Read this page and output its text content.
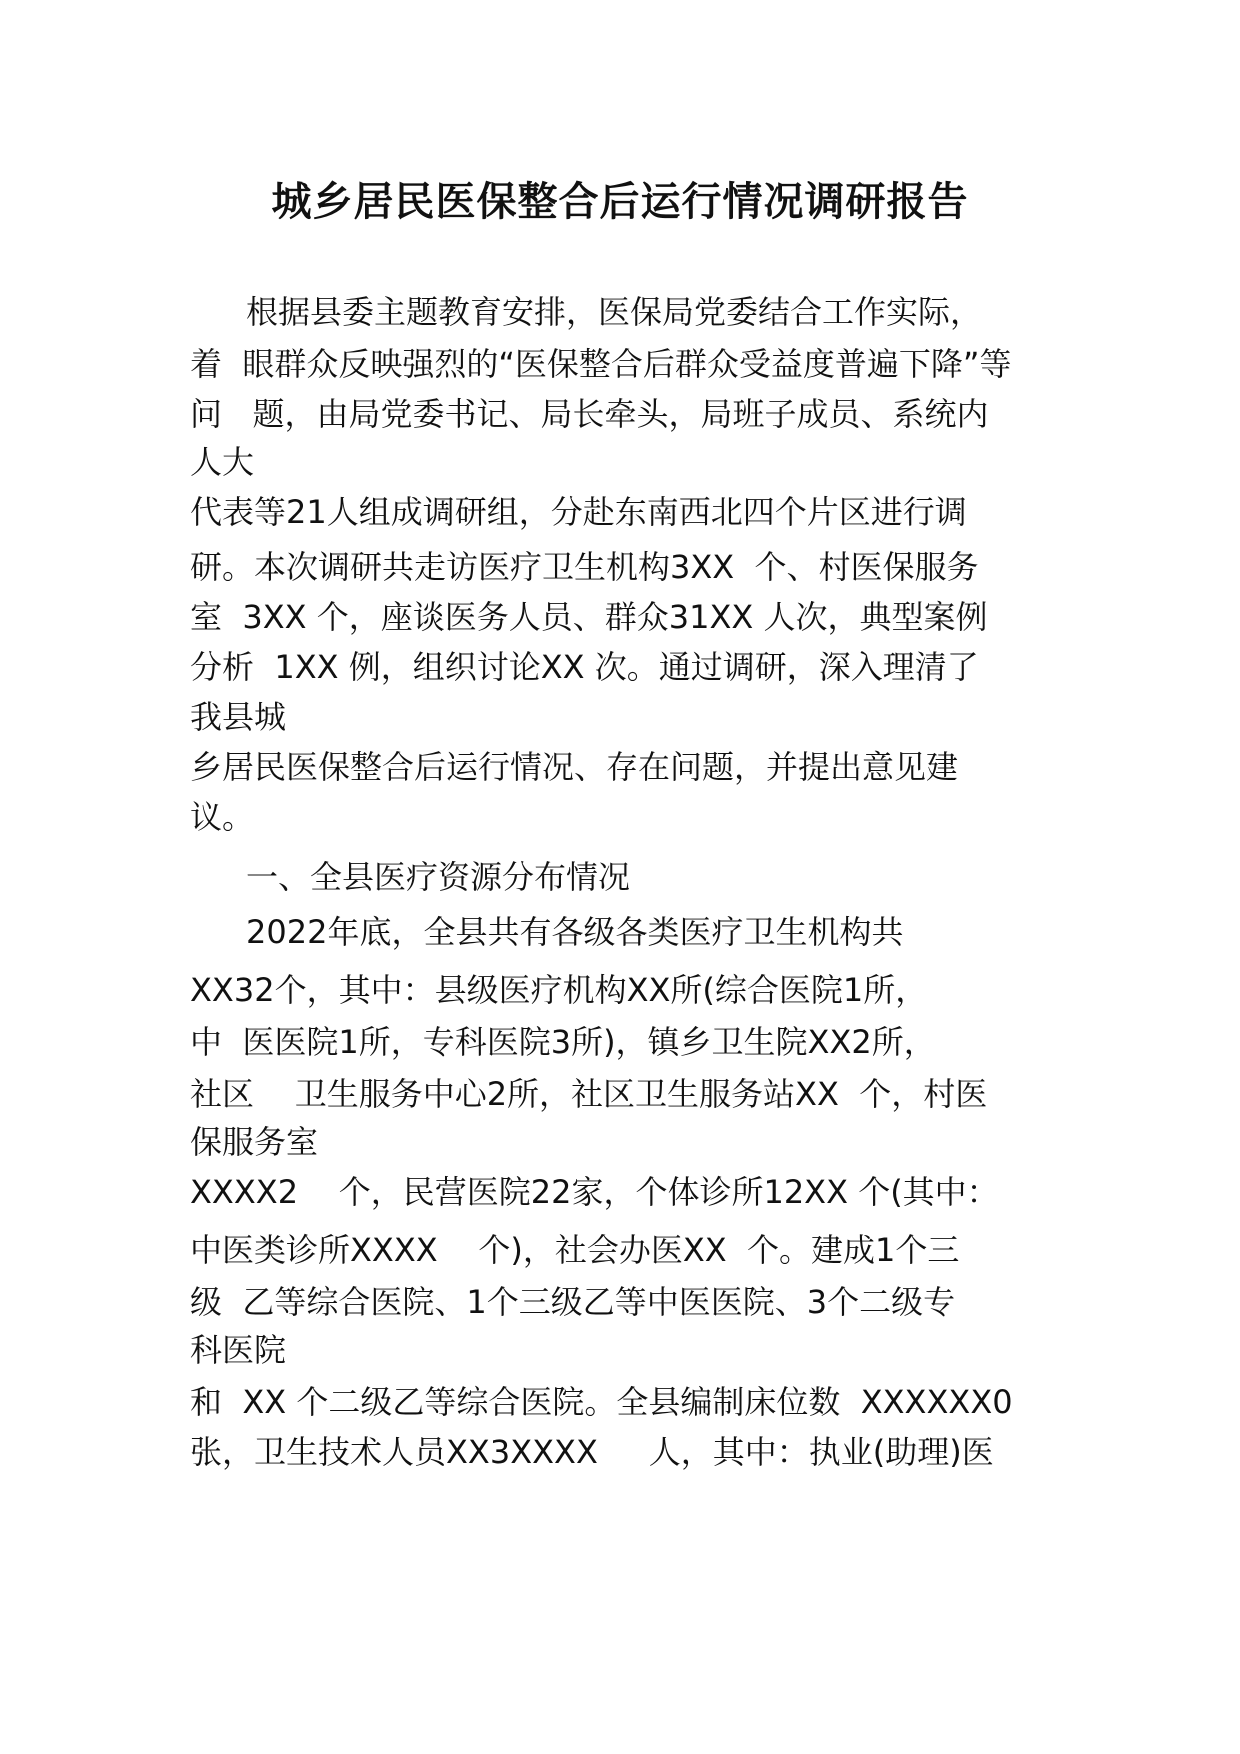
城乡居民医保整合后运行情况调研报告
根据县委主题教育安排，医保局党委结合工作实际，
着  眼群众反映强烈的“医保整合后群众受益度普遍下降”等
问   题，由局党委书记、局长牵头，局班子成员、系统内
人大
代表等21人组成调研组，分赴东南西北四个片区进行调
研。本次调研共走访医疗卫生机构3XX  个、村医保服务
室  3XX 个，座谈医务人员、群众31XX 人次，典型案例
分析  1XX 例，组织讨论XX 次。通过调研，深入理清了
我县城
乡居民医保整合后运行情况、存在问题，并提出意见建
议。
一、全县医疗资源分布情况
2022年底，全县共有各级各类医疗卫生机构共
XX32个，其中：县级医疗机构XX所(综合医院1所，
中  医医院1所，专科医院3所)，镇乡卫生院XX2所，
社区    卫生服务中心2所，社区卫生服务站XX  个，村医
保服务室
XXXX2    个，民营医院22家，个体诊所12XX 个(其中：
中医类诊所XXXX    个)，社会办医XX  个。建成1个三
级  乙等综合医院、1个三级乙等中医医院、3个二级专
科医院
和  XX 个二级乙等综合医院。全县编制床位数  XXXXXX0
张，卫生技术人员XX3XXXX     人，其中：执业(助理)医
